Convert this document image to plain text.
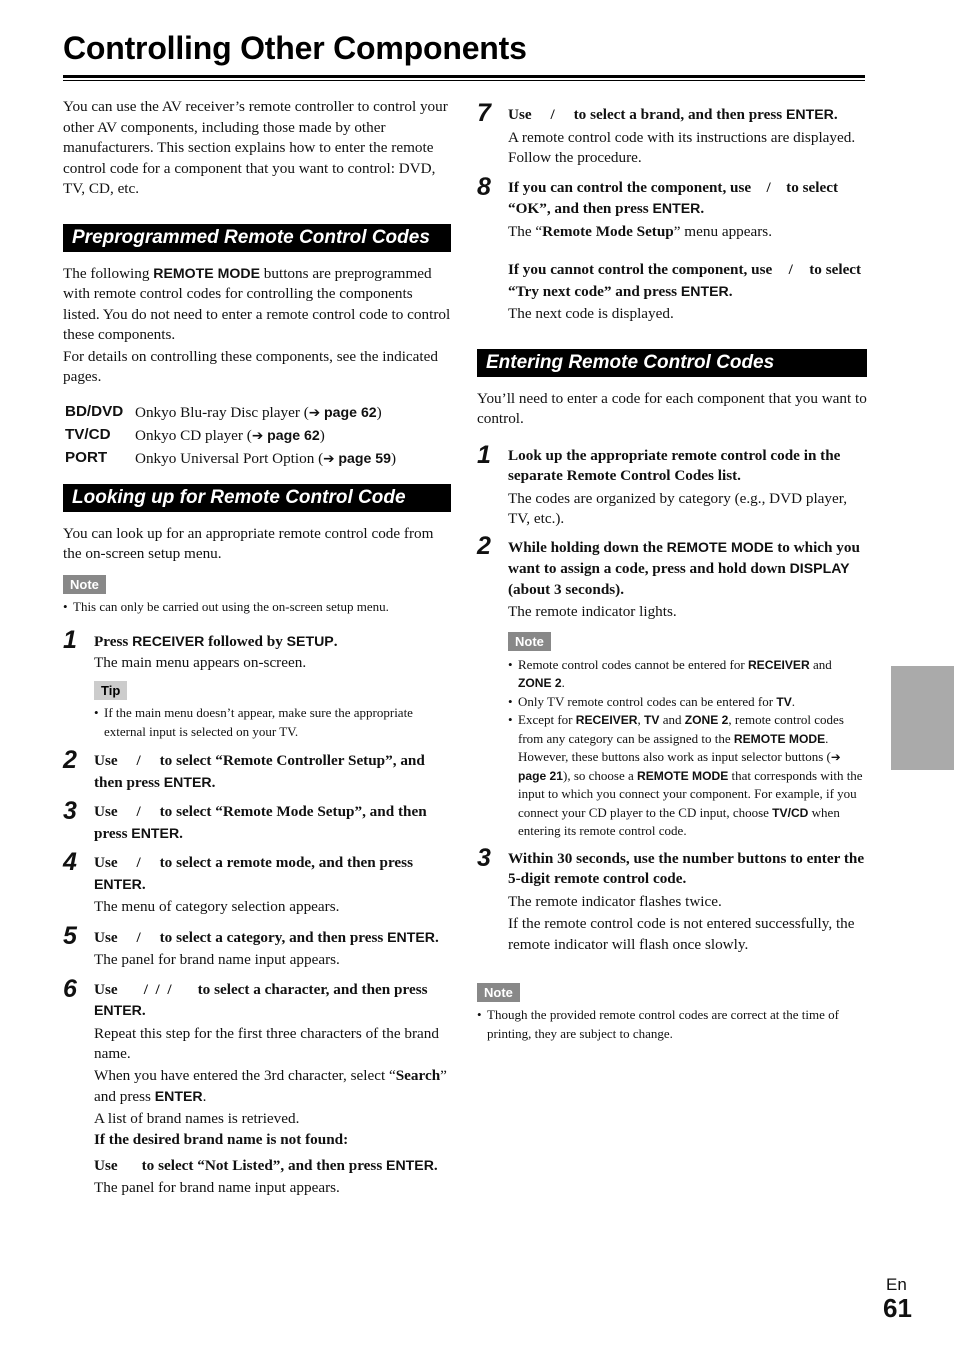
Controlling Other Components

You can use the AV receiver’s remote controller to control your other AV components, including those made by other manufacturers. This section explains how to enter the remote control code for a component that you want to control: DVD, TV, CD, etc.

Preprogrammed Remote Control Codes

The following REMOTE MODE buttons are preprogrammed with remote control codes for controlling the components listed. You do not need to enter a remote control code to control these components.

For details on controlling these components, see the indicated pages.

BD/DVD	Onkyo Blu-ray Disc player (➔ page 62)
TV/CD	Onkyo CD player (➔ page 62)
PORT	Onkyo Universal Port Option (➔ page 59)
Looking up for Remote Control Code

You can look up for an appropriate remote control code from the on-screen setup menu.

Note
• This can only be carried out using the on-screen setup menu.
1 Press RECEIVER followed by SETUP.

The main menu appears on-screen.

Tip
• If the main menu doesn’t appear, make sure the appropriate external input is selected on your TV.
2 Use / to select “Remote Controller Setup”, and then press ENTER.
3 Use / to select “Remote Mode Setup”, and then press ENTER.
4 Use / to select a remote mode, and then press ENTER.

The menu of category selection appears.

5 Use / to select a category, and then press ENTER.

The panel for brand name input appears.

6 Use /  /  / to select a character, and then press ENTER.

Repeat this step for the first three characters of the brand name.

When you have entered the 3rd character, select “Search” and press ENTER.

A list of brand names is retrieved.

If the desired brand name is not found:

Use to select “Not Listed”, and then press ENTER.

The panel for brand name input appears.

7 Use / to select a brand, and then press ENTER.

A remote control code with its instructions are displayed. Follow the procedure.

8 If you can control the component, use / to select “OK”, and then press ENTER.

The “Remote Mode Setup” menu appears.

If you cannot control the component, use / to select “Try next code” and press ENTER.

The next code is displayed.

Entering Remote Control Codes

You’ll need to enter a code for each component that you want to control.

1 Look up the appropriate remote control code in the separate Remote Control Codes list.

The codes are organized by category (e.g., DVD player, TV, etc.).

2 While holding down the REMOTE MODE to which you want to assign a code, press and hold down DISPLAY (about 3 seconds).

The remote indicator lights.

Note
• Remote control codes cannot be entered for RECEIVER and ZONE 2.
• Only TV remote control codes can be entered for TV.
• Except for RECEIVER, TV and ZONE 2, remote control codes from any category can be assigned to the REMOTE MODE. However, these buttons also work as input selector buttons (➔ page 21), so choose a REMOTE MODE that corresponds with the input to which you connect your component. For example, if you connect your CD player to the CD input, choose TV/CD when entering its remote control code.
3 Within 30 seconds, use the number buttons to enter the 5-digit remote control code.

The remote indicator flashes twice.

If the remote control code is not entered successfully, the remote indicator will flash once slowly.

Note
• Though the provided remote control codes are correct at the time of printing, they are subject to change.
En
61
